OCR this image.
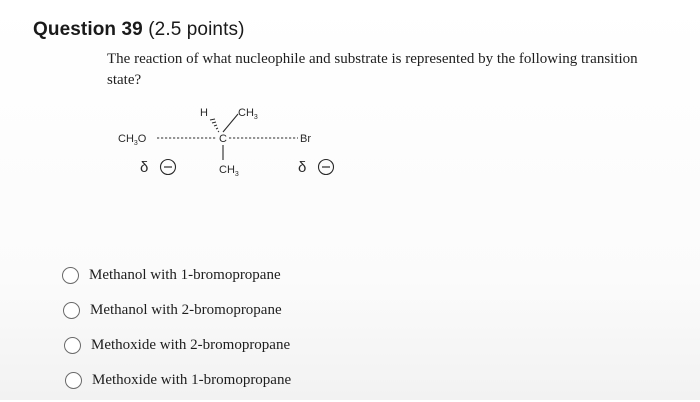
Question 39 (2.5 points)
The reaction of what nucleophile and substrate is represented by the following transition state?
H	$CH_3$
C
$CH_3O$	Br
$CH_3$
δ	δ
Methanol with 1-bromopropane
Methanol with 2-bromopropane
Methoxide with 2-bromopropane
Methoxide with 1-bromopropane
